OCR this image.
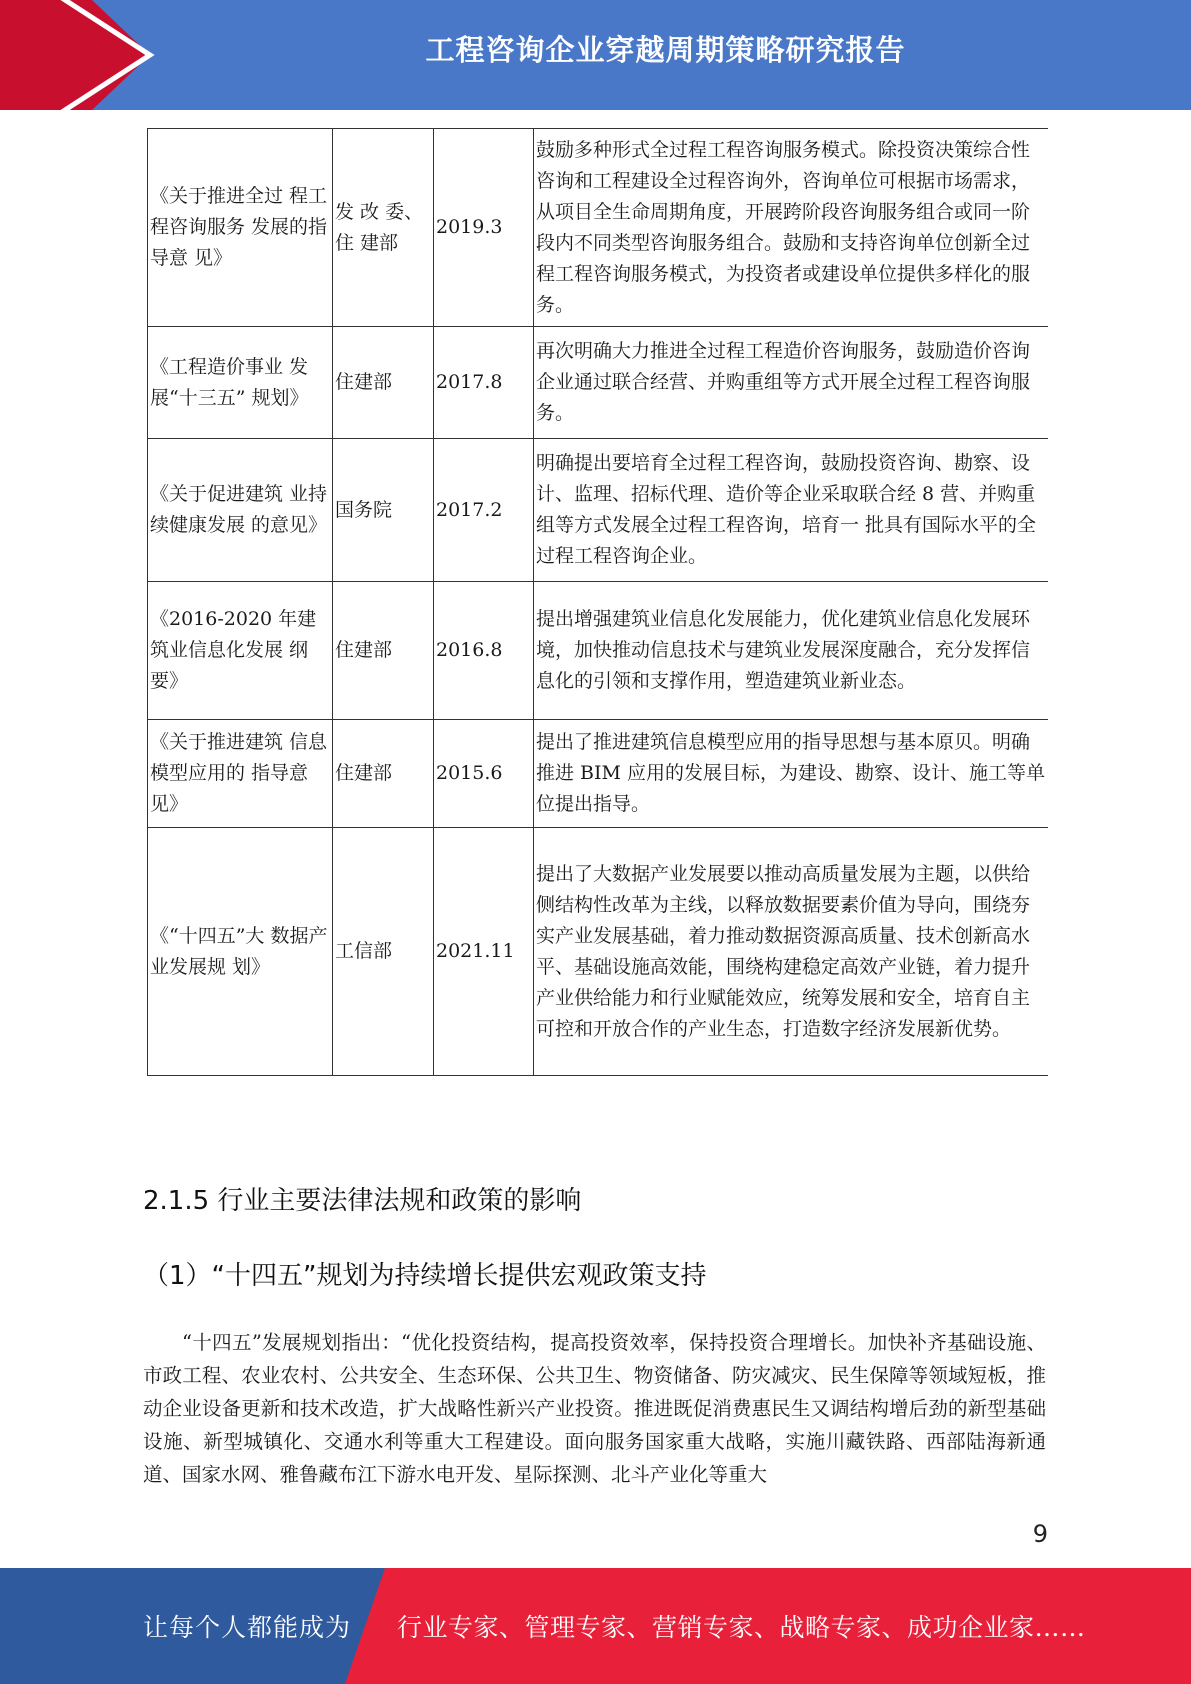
工程咨询企业穿越周期策略研究报告
《关于推进全过 程工程咨询服务 发展的指导意 见》	发 改 委、住 建部	2019.3	鼓励多种形式全过程工程咨询服务模式。除投资决策综合性咨询和工程建设全过程咨询外，咨询单位可根据市场需求，从项目全生命周期角度，开展跨阶段咨询服务组合或同一阶段内不同类型咨询服务组合。鼓励和支持咨询单位创新全过程工程咨询服务模式，为投资者或建设单位提供多样化的服务。
《工程造价事业 发展“十三五” 规划》	住建部	2017.8	再次明确大力推进全过程工程造价咨询服务，鼓励造价咨询企业通过联合经营、并购重组等方式开展全过程工程咨询服务。
《关于促进建筑 业持续健康发展 的意见》	国务院	2017.2	明确提出要培育全过程工程咨询，鼓励投资咨询、勘察、设计、监理、招标代理、造价等企业采取联合经 8 营、并购重组等方式发展全过程工程咨询，培育一 批具有国际水平的全过程工程咨询企业。
《2016-2020 年建 筑业信息化发展 纲要》	住建部	2016.8	提出增强建筑业信息化发展能力，优化建筑业信息化发展环境，加快推动信息技术与建筑业发展深度融合，充分发挥信息化的引领和支撑作用，塑造建筑业新业态。
《关于推进建筑 信息模型应用的 指导意见》	住建部	2015.6	提出了推进建筑信息模型应用的指导思想与基本原贝。明确推进 BIM 应用的发展目标，为建设、勘察、设计、施工等单位提出指导。
《“十四五”大 数据产业发展规 划》	工信部	2021.11	提出了大数据产业发展要以推动高质量发展为主题，以供给侧结构性改革为主线，以释放数据要素价值为导向，围绕夯实产业发展基础，着力推动数据资源高质量、技术创新高水平、基础设施高效能，围绕构建稳定高效产业链，着力提升产业供给能力和行业赋能效应，统筹发展和安全，培育自主可控和开放合作的产业生态，打造数字经济发展新优势。
2.1.5 行业主要法律法规和政策的影响
（1）“十四五”规划为持续增长提供宏观政策支持

“十四五”发展规划指出：“优化投资结构，提高投资效率，保持投资合理增长。加快补齐基础设施、市政工程、农业农村、公共安全、生态环保、公共卫生、物资储备、防灾减灾、民生保障等领域短板，推动企业设备更新和技术改造，扩大战略性新兴产业投资。推进既促消费惠民生又调结构增后劲的新型基础设施、新型城镇化、交通水利等重大工程建设。面向服务国家重大战略，实施川藏铁路、西部陆海新通道、国家水网、雅鲁藏布江下游水电开发、星际探测、北斗产业化等重大

9
让每个人都能成为 行业专家、管理专家、营销专家、战略专家、成功企业家……
